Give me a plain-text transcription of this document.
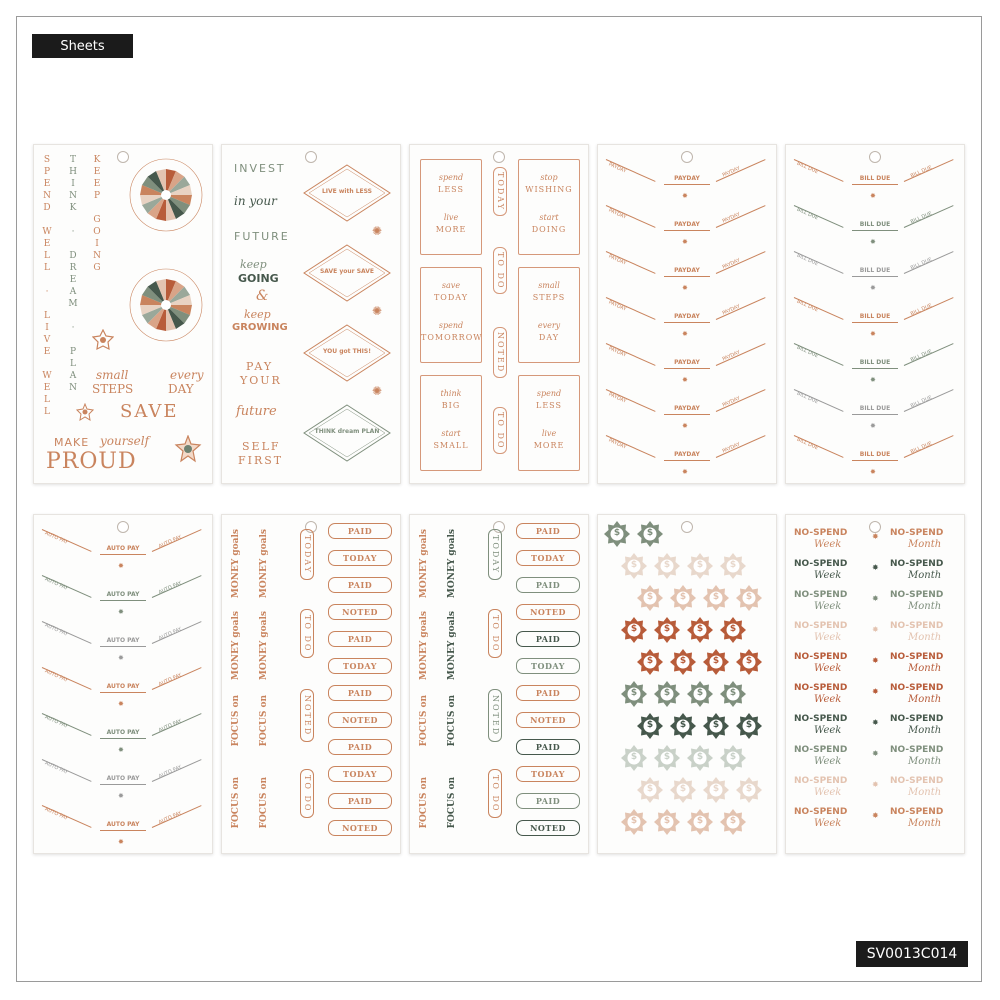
Sheets
SV0013C014
SPEND WELL · LIVE WELL THINK · DREAM · PLAN KEEP GOING
small
STEPS
every
DAY
SAVE
MAKE yourself
PROUD
INVEST
in your
FUTURE
keep
GOING
&
keep
GROWING
PAY
YOUR
future
SELF
FIRST
LIVE with LESS
SAVE your SAVE
YOU got THIS!
THINK dream PLAN
✺
✺
✺
spend
LESS
live
MORE
stop
WISHING
start
DOING
save
TODAY
spend
TOMORROW
small
STEPS
every
DAY
think
BIG
start
SMALL
spend
LESS
live
MORE
TODAY
TO DO
NOTED
TO DO
PAYDAY	PAYDAY
PAYDAY
✸
PAYDAY	PAYDAY
PAYDAY
✸
PAYDAY	PAYDAY
PAYDAY
✸
PAYDAY	PAYDAY
PAYDAY
✸
PAYDAY	PAYDAY
PAYDAY
✸
PAYDAY	PAYDAY
PAYDAY
✸
PAYDAY	PAYDAY
PAYDAY
✸
BILL DUE	BILL DUE
BILL DUE
✸
BILL DUE	BILL DUE
BILL DUE
✸
BILL DUE	BILL DUE
BILL DUE
✸
BILL DUE	BILL DUE
BILL DUE
✸
BILL DUE	BILL DUE
BILL DUE
✸
BILL DUE	BILL DUE
BILL DUE
✸
BILL DUE	BILL DUE
BILL DUE
✸
AUTO PAY	AUTO PAY
AUTO PAY
✸
AUTO PAY	AUTO PAY
AUTO PAY
✸
AUTO PAY	AUTO PAY
AUTO PAY
✸
AUTO PAY	AUTO PAY
AUTO PAY
✸
AUTO PAY	AUTO PAY
AUTO PAY
✸
AUTO PAY	AUTO PAY
AUTO PAY
✸
AUTO PAY	AUTO PAY
AUTO PAY
✸
MONEY goals
MONEY goals
MONEY goals
MONEY goals
FOCUS on
FOCUS on
FOCUS on
FOCUS on
TODAY
TO DO
NOTED
TO DO
PAID
TODAY
PAID
NOTED
PAID
TODAY
PAID
NOTED
PAID
TODAY
PAID
NOTED
MONEY goals
MONEY goals
MONEY goals
MONEY goals
FOCUS on
FOCUS on
FOCUS on
FOCUS on
TODAY
TO DO
NOTED
TO DO
PAID
TODAY
PAID
NOTED
PAID
TODAY
PAID
NOTED
PAID
TODAY
PAID
NOTED
$	$
$	$	$	$
$	$	$	$
$	$	$	$
$	$	$	$
$	$	$	$
$	$	$	$
$	$	$	$
$	$	$	$
$	$	$	$
NO-SPEND
Week
✸ NO-SPEND
Month
NO-SPEND
Week
✸ NO-SPEND
Month
NO-SPEND
Week
✸ NO-SPEND
Month
NO-SPEND
Week
✸ NO-SPEND
Month
NO-SPEND
Week
✸ NO-SPEND
Month
NO-SPEND
Week
✸ NO-SPEND
Month
NO-SPEND
Week
✸ NO-SPEND
Month
NO-SPEND
Week
✸ NO-SPEND
Month
NO-SPEND
Week
✸ NO-SPEND
Month
NO-SPEND
Week
✸ NO-SPEND
Month
